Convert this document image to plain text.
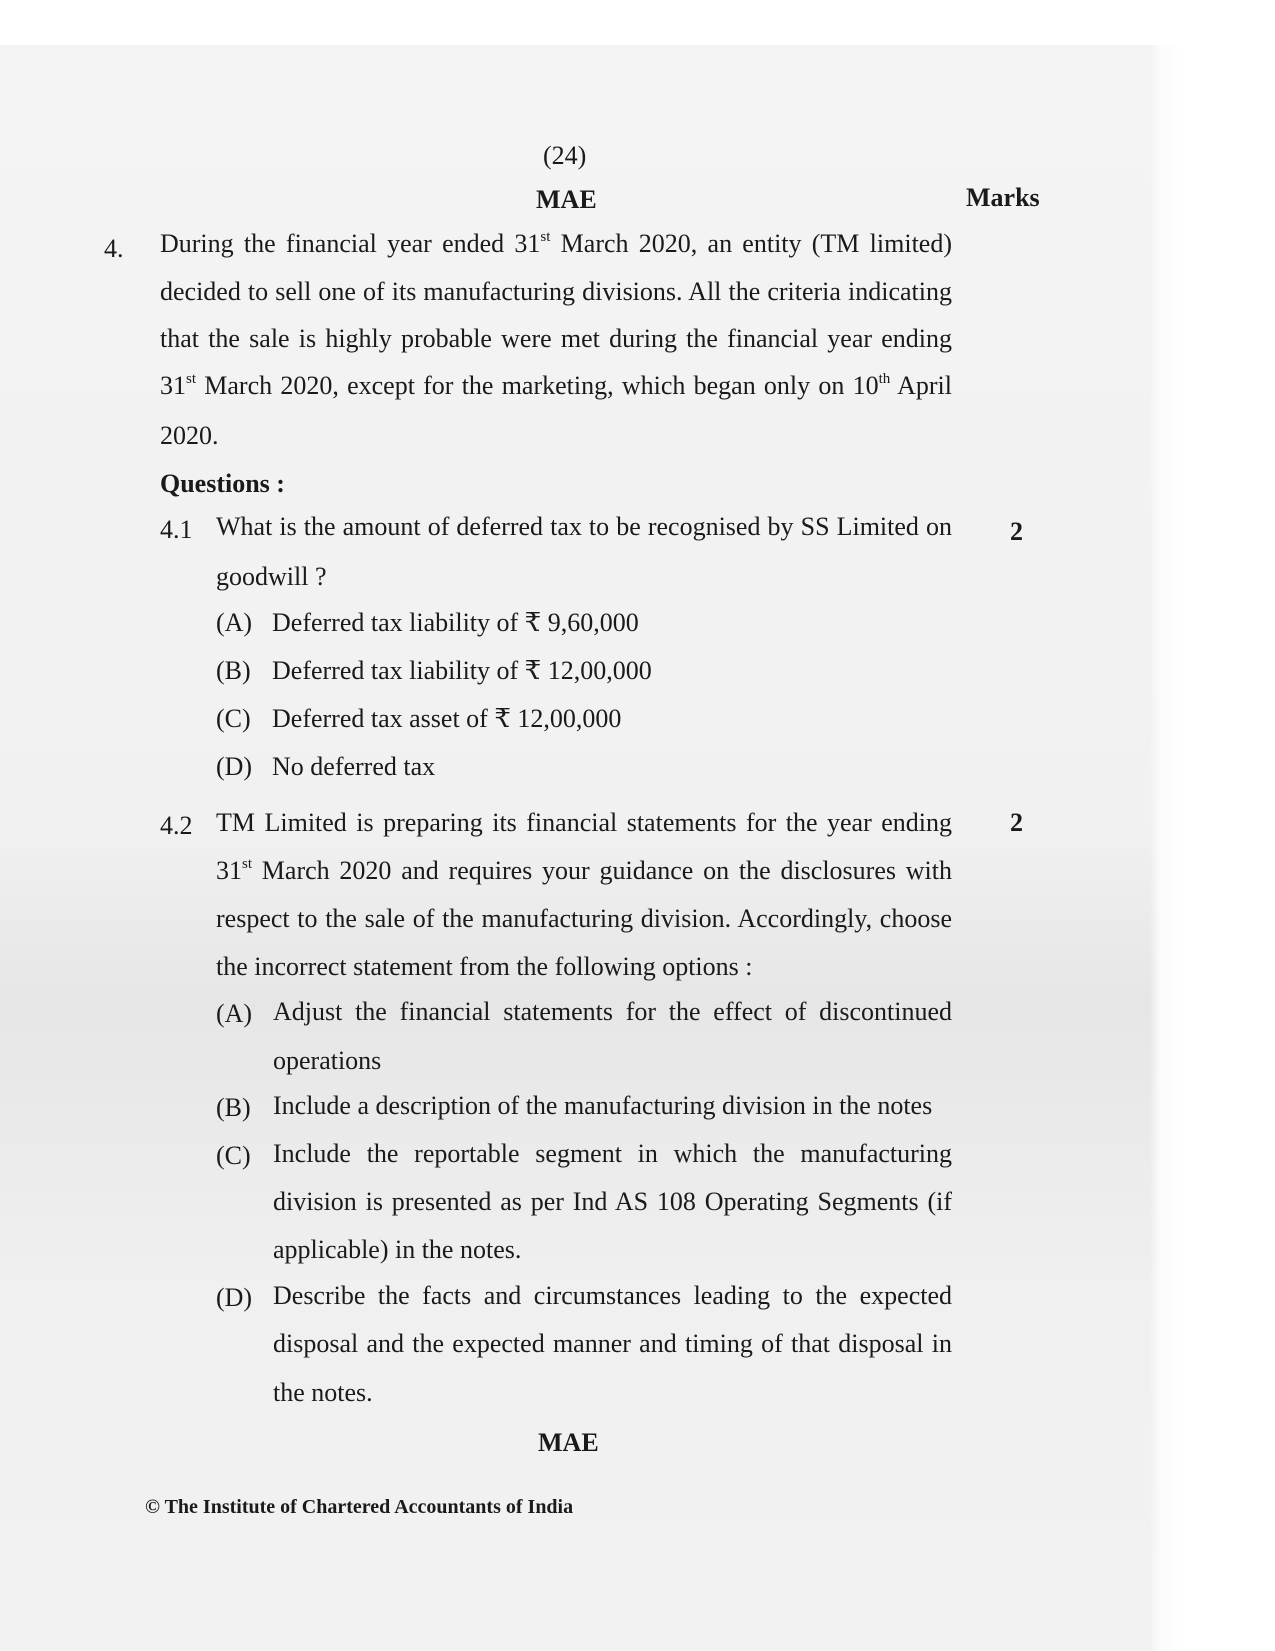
(24)
MAE	Marks
4. During the financial year ended 31st March 2020, an entity (TM limited)
decided to sell one of its manufacturing divisions. All the criteria indicating
that the sale is highly probable were met during the financial year ending
31st March 2020, except for the marketing, which began only on 10th April
2020.
Questions :
4.1 What is the amount of deferred tax to be recognised by SS Limited on
goodwill ?
2
(A) Deferred tax liability of ₹ 9,60,000
(B) Deferred tax liability of ₹ 12,00,000
(C) Deferred tax asset of ₹ 12,00,000
(D) No deferred tax
4.2 TM Limited is preparing its financial statements for the year ending
31st March 2020 and requires your guidance on the disclosures with
respect to the sale of the manufacturing division. Accordingly, choose
the incorrect statement from the following options :
2
(A) Adjust the financial statements for the effect of discontinued
operations
(B) Include a description of the manufacturing division in the notes
(C) Include the reportable segment in which the manufacturing
division is presented as per Ind AS 108 Operating Segments (if
applicable) in the notes.
(D) Describe the facts and circumstances leading to the expected
disposal and the expected manner and timing of that disposal in
the notes.
MAE
© The Institute of Chartered Accountants of India
